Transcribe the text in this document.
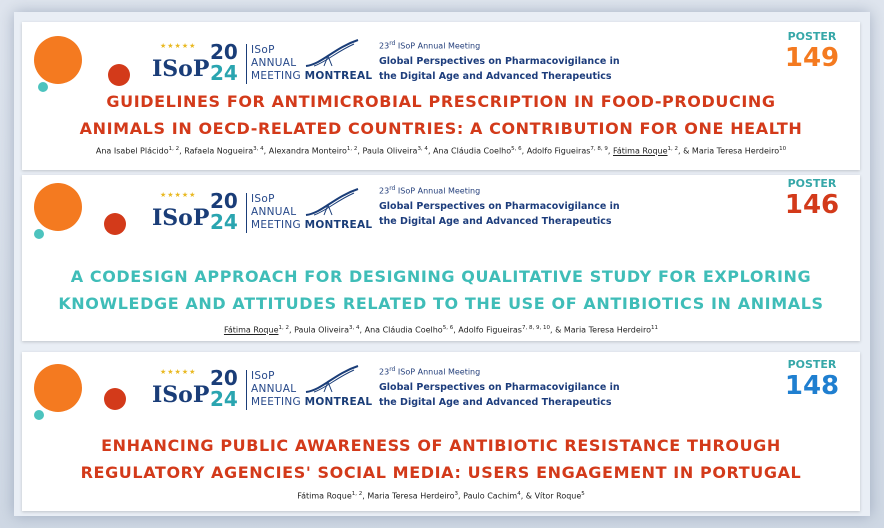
★★★★★
ISoP
20
24
ISoP
ANNUAL
MEETING MONTREAL
23rd ISoP Annual Meeting
Global Perspectives on Pharmacovigilance in
the Digital Age and Advanced Therapeutics
POSTER
149
GUIDELINES FOR ANTIMICROBIAL PRESCRIPTION IN FOOD-PRODUCING
ANIMALS IN OECD-RELATED COUNTRIES: A CONTRIBUTION FOR ONE HEALTH
Ana Isabel Plácido$^{1, 2}$, Rafaela Nogueira$^{3, 4}$, Alexandra Monteiro$^{1, 2}$, Paula Oliveira$^{3, 4}$, Ana Cláudia Coelho$^{5, 6}$, Adolfo Figueiras$^{7, 8, 9}$, Fátima Roque$^{1, 2}$, & Maria Teresa Herdeiro$^{10}$
★★★★★
ISoP
20
24
ISoP
ANNUAL
MEETING MONTREAL
23rd ISoP Annual Meeting
Global Perspectives on Pharmacovigilance in
the Digital Age and Advanced Therapeutics
POSTER
146
A CODESIGN APPROACH FOR DESIGNING QUALITATIVE STUDY FOR EXPLORING
KNOWLEDGE AND ATTITUDES RELATED TO THE USE OF ANTIBIOTICS IN ANIMALS
Fátima Roque$^{1, 2}$, Paula Oliveira$^{3, 4}$, Ana Cláudia Coelho$^{5, 6}$, Adolfo Figueiras$^{7, 8, 9, 10}$, & Maria Teresa Herdeiro$^{11}$
★★★★★
ISoP
20
24
ISoP
ANNUAL
MEETING MONTREAL
23rd ISoP Annual Meeting
Global Perspectives on Pharmacovigilance in
the Digital Age and Advanced Therapeutics
POSTER
148
ENHANCING PUBLIC AWARENESS OF ANTIBIOTIC RESISTANCE THROUGH
REGULATORY AGENCIES' SOCIAL MEDIA: USERS ENGAGEMENT IN PORTUGAL
Fátima Roque$^{1, 2}$, Maria Teresa Herdeiro$^3$, Paulo Cachim$^4$, & Vítor Roque$^5$
